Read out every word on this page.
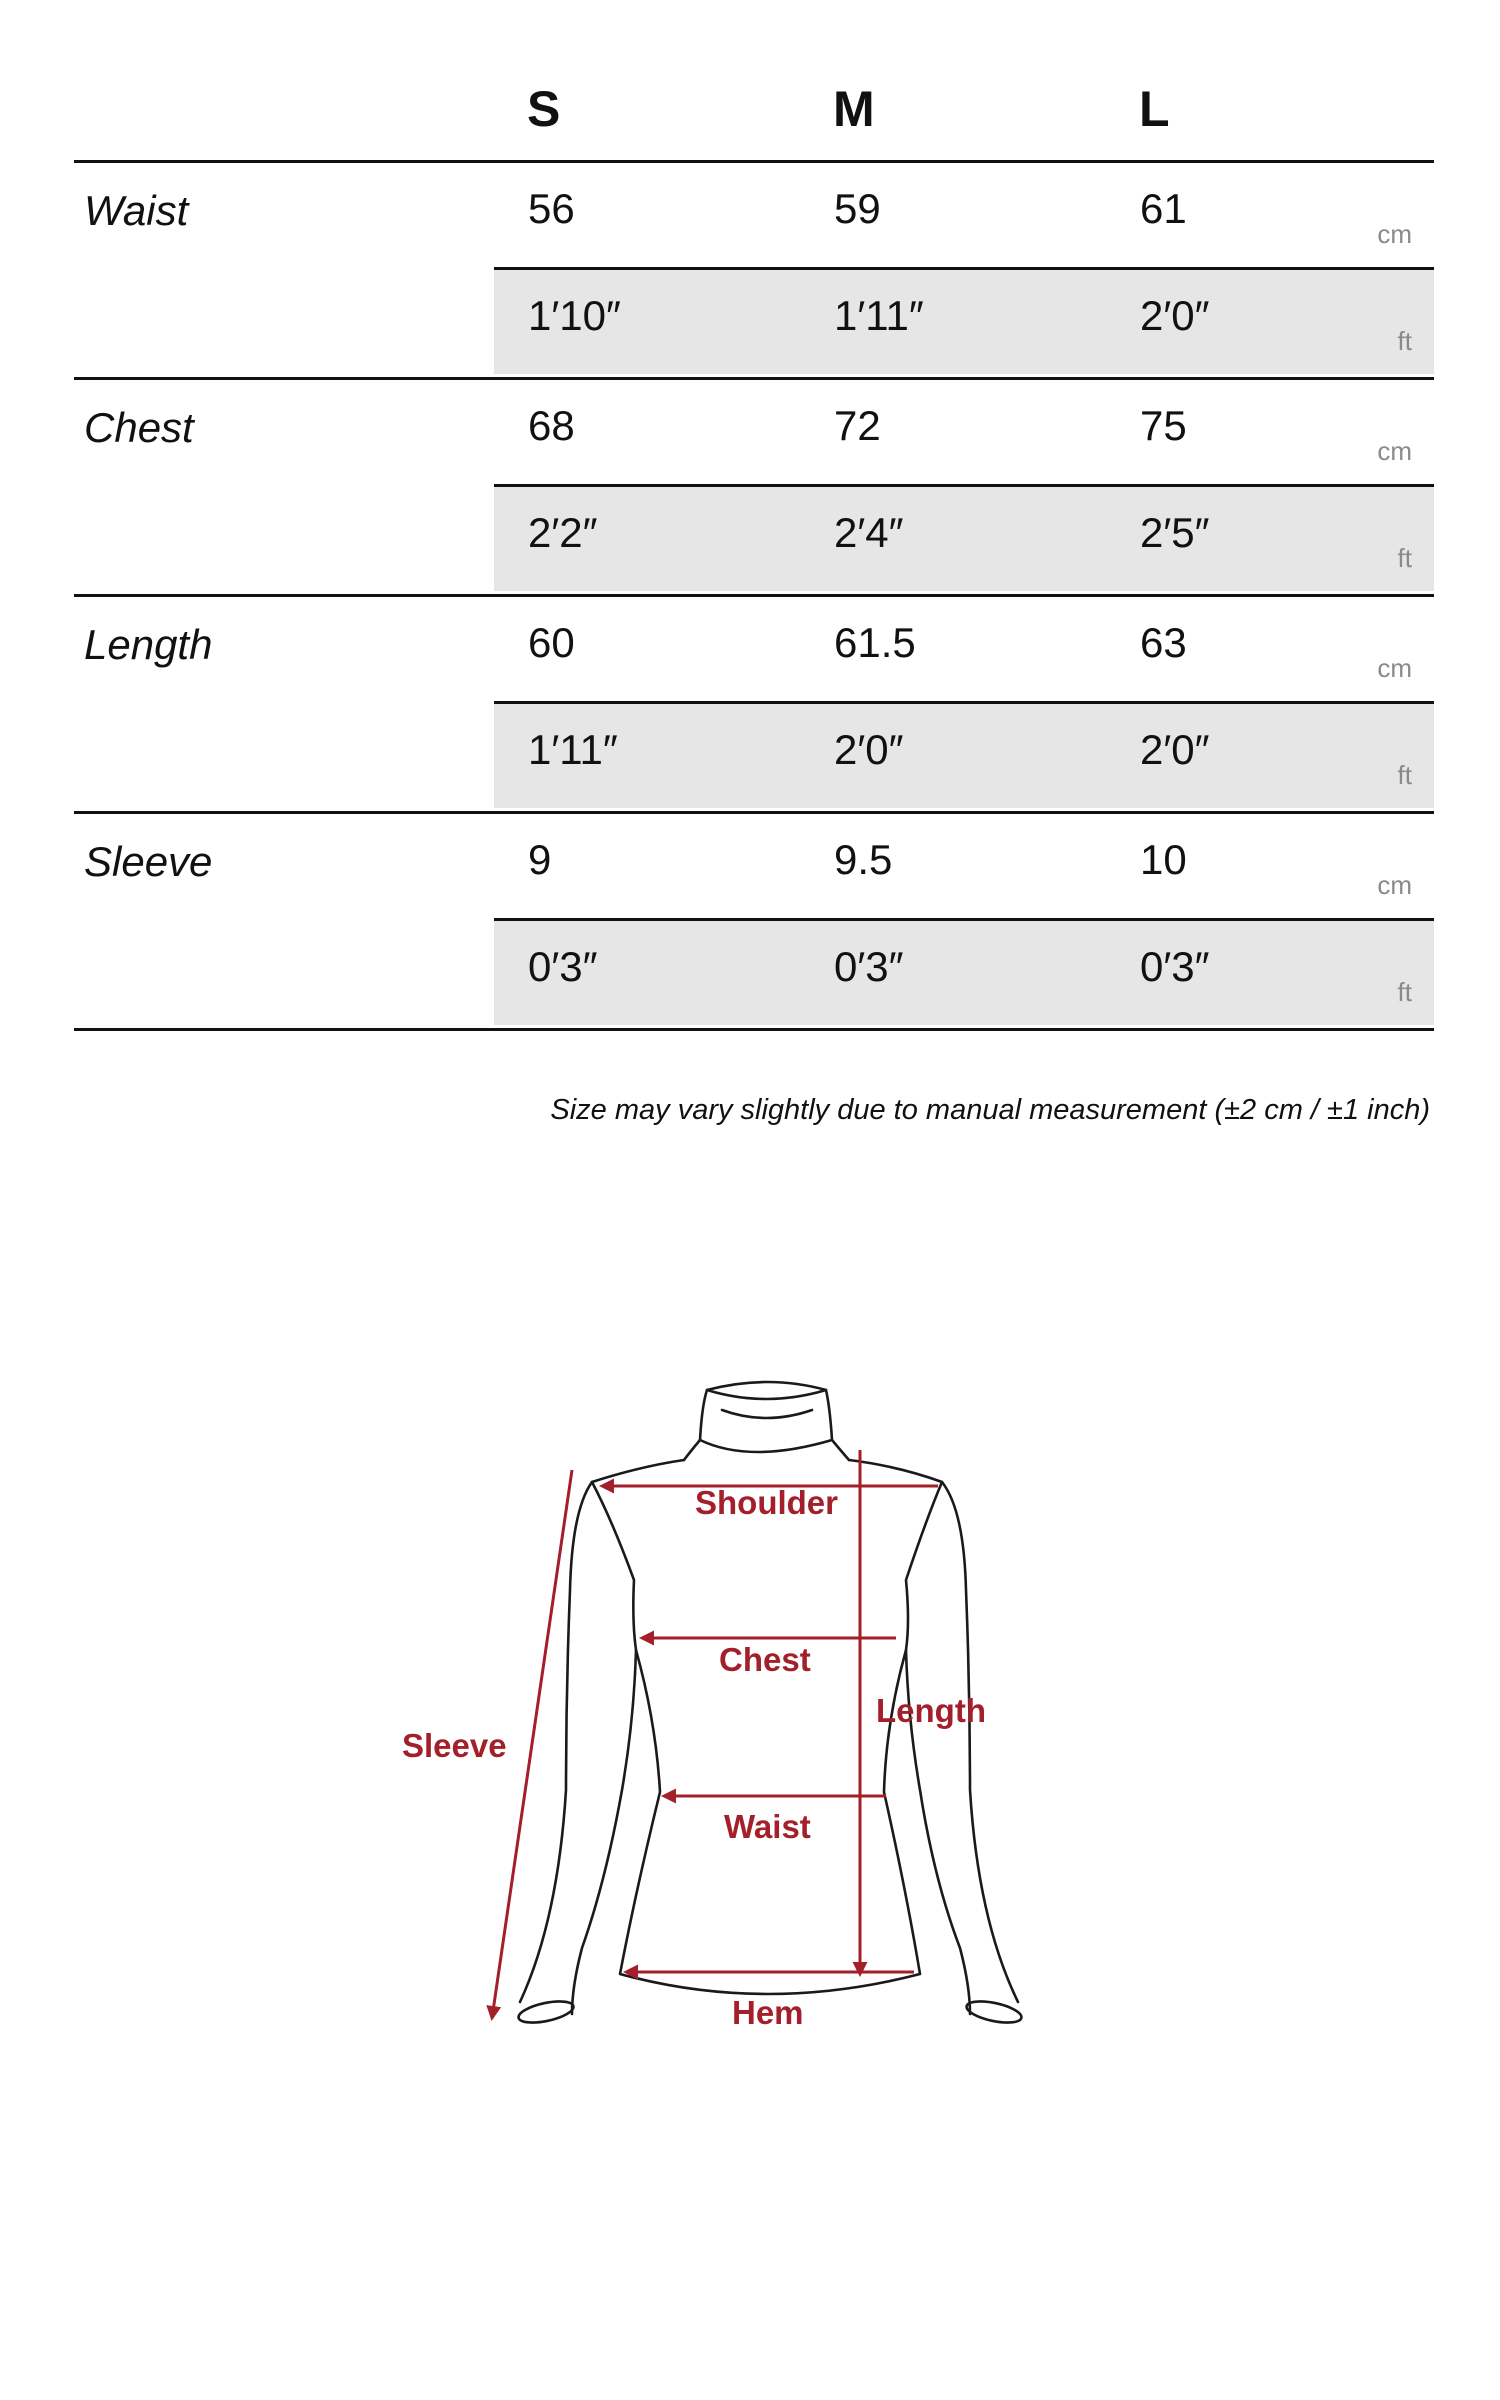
S	M	L
Waist	56	59	61
cm
1′10″	1′11″	2′0″
ft
Chest	68	72	75
cm
2′2″	2′4″	2′5″
ft
Length	60	61.5	63
cm
1′11″	2′0″	2′0″
ft
Sleeve	9	9.5	10
cm
0′3″	0′3″	0′3″
ft
Size may vary slightly due to manual measurement (±2 cm / ±1 inch)
Shoulder
Chest
Length
Sleeve
Waist
Hem
